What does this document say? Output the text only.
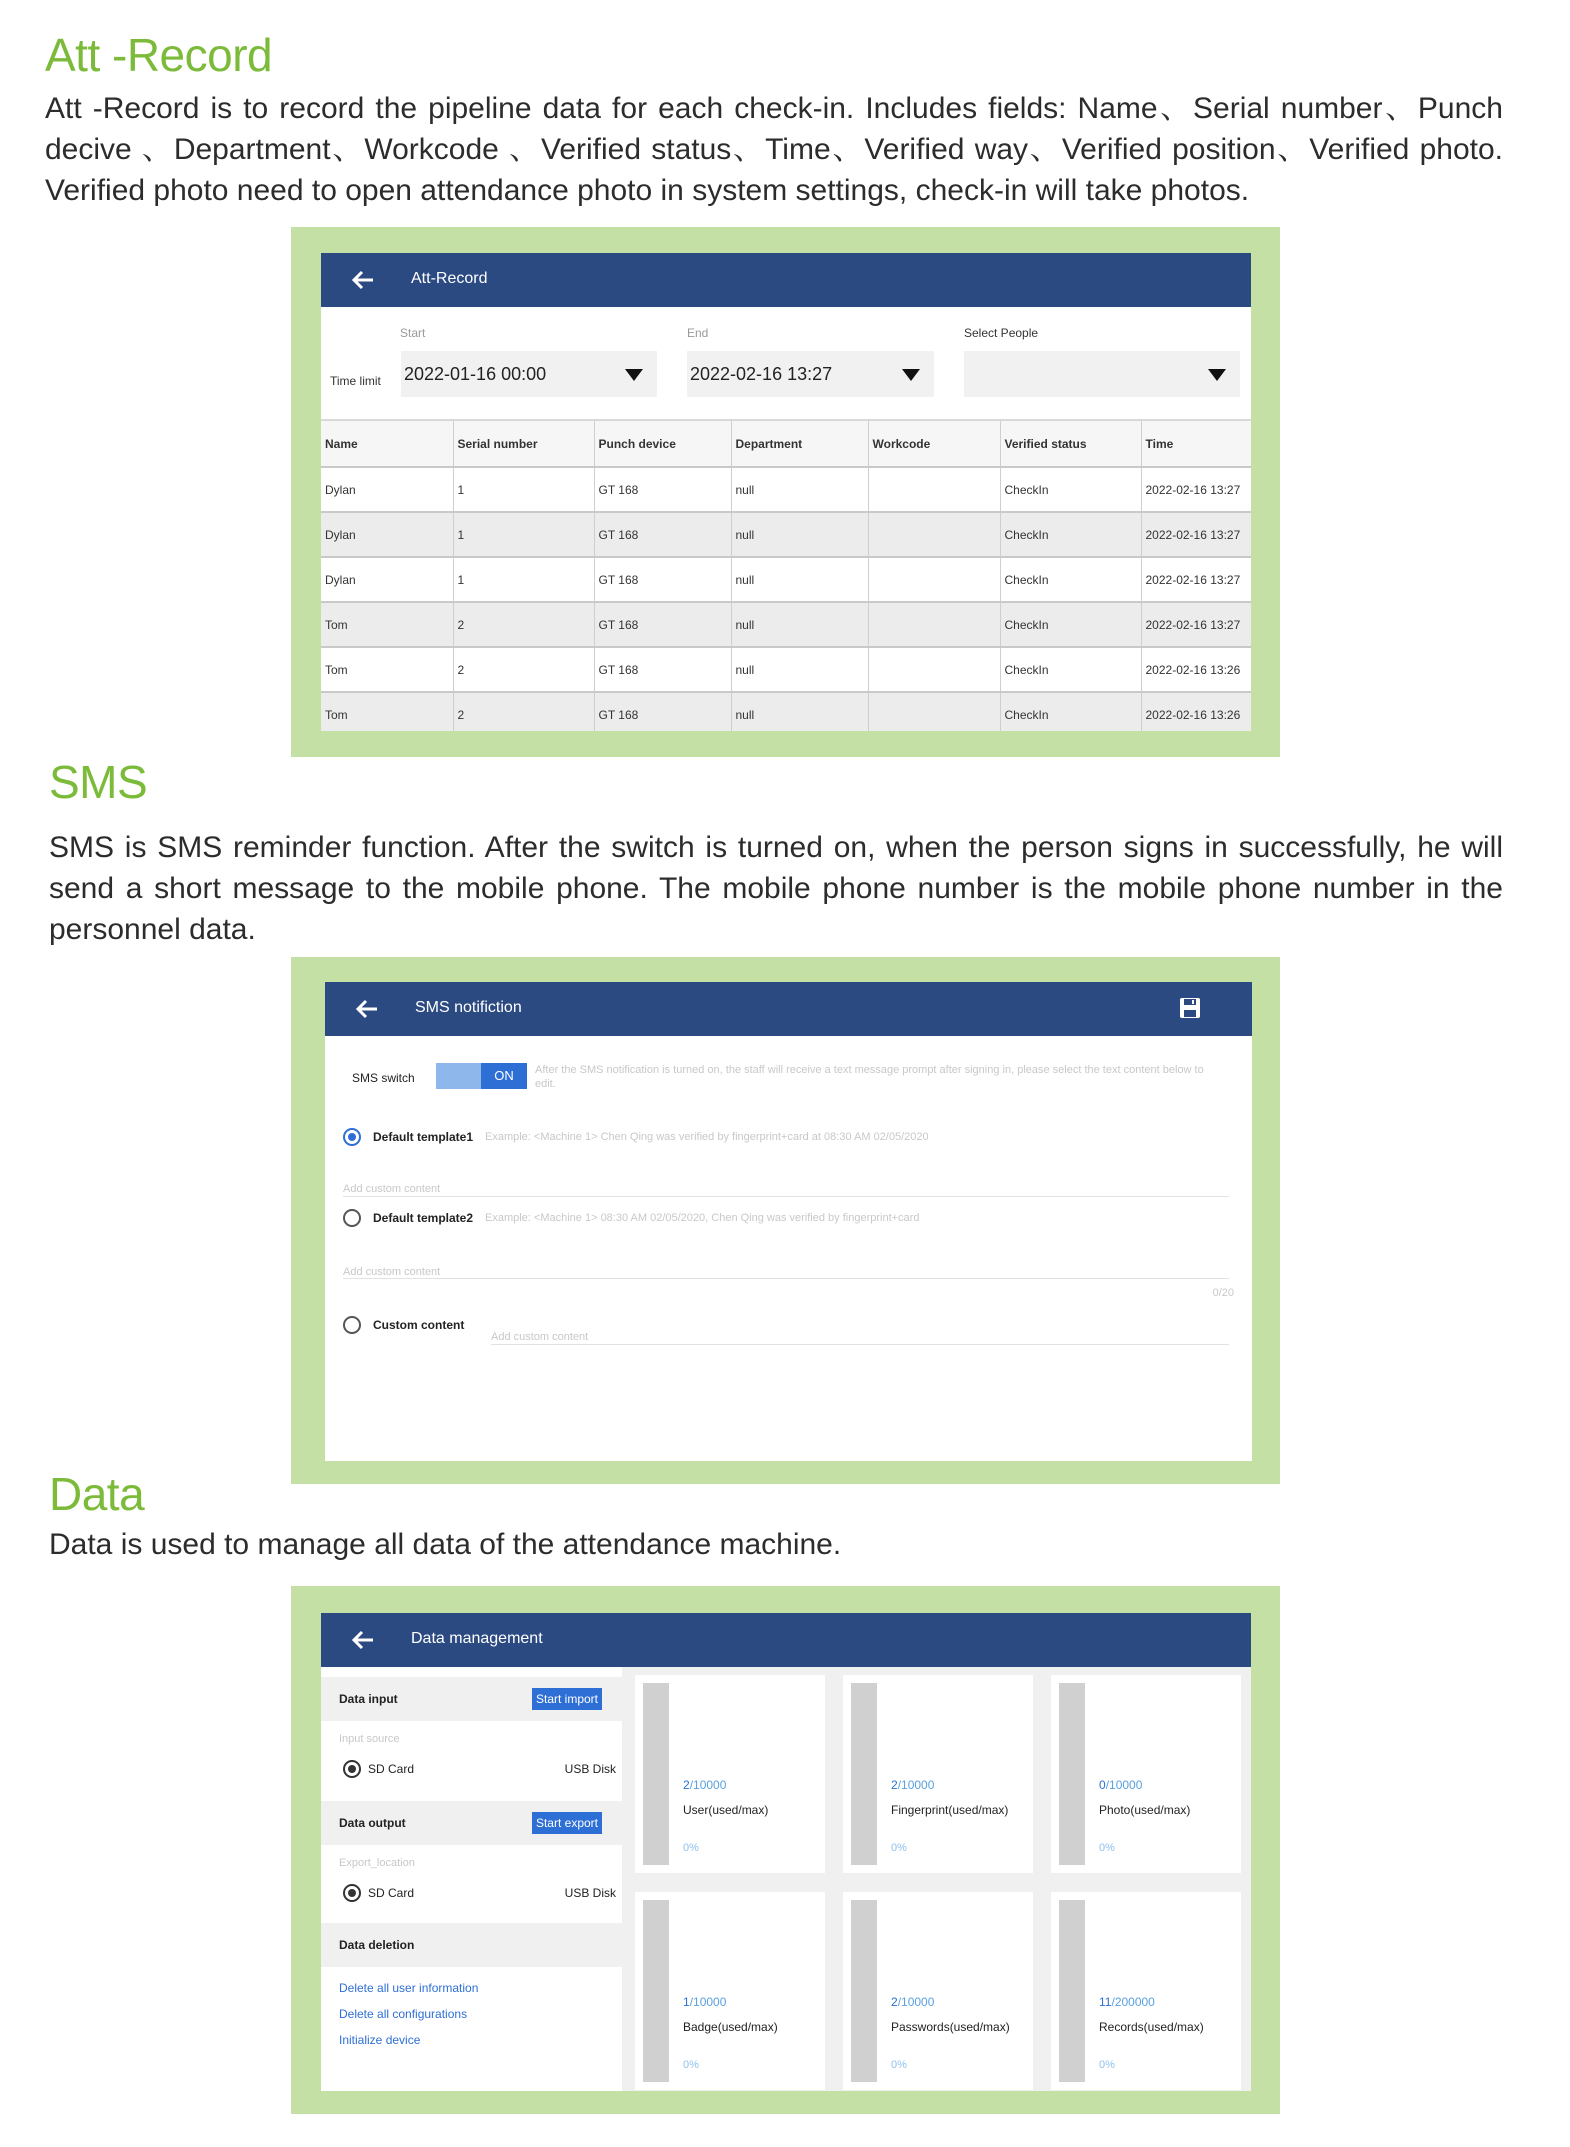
Att -Record

Att -Record is to record the pipeline data for each check-in. Includes fields: Name、Serial number、Punch decive 、Department、Workcode 、Verified status、Time、Verified way、Verified position、Verified photo. Verified photo need to open attendance photo in system settings, check-in will take photos.

Att-Record
Start	End	Select People
Time limit 2022-01-16 00:00	2022-02-16 13:27
Name	Serial number	Punch device	Department	Workcode	Verified status	Time
Dylan	1	GT 168	null		CheckIn	2022-02-16 13:27
Dylan	1	GT 168	null		CheckIn	2022-02-16 13:27
Dylan	1	GT 168	null		CheckIn	2022-02-16 13:27
Tom	2	GT 168	null		CheckIn	2022-02-16 13:27
Tom	2	GT 168	null		CheckIn	2022-02-16 13:26
Tom	2	GT 168	null		CheckIn	2022-02-16 13:26
SMS

SMS is SMS reminder function. After the switch is turned on, when the person signs in successfully, he will send a short message to the mobile phone. The mobile phone number is the mobile phone number in the personnel data.

SMS notifiction
SMS switch	ON	After the SMS notification is turned on, the staff will receive a text message prompt after signing in, please select the text content below to edit.
Default template1 Example: <Machine 1> Chen Qing was verified by fingerprint+card at 08:30 AM 02/05/2020
Add custom content
Default template2 Example: <Machine 1> 08:30 AM 02/05/2020, Chen Qing was verified by fingerprint+card
Add custom content
0/20
Custom content
Add custom content
Data

Data is used to manage all data of the attendance machine.

Data management
Data input	Start import
Input source
SD Card	USB Disk
Data output	Start export
Export_location
SD Card	USB Disk
Data deletion
Delete all user information
Delete all configurations
Initialize device
2/10000
User(used/max)
0%
2/10000
Fingerprint(used/max)
0%
0/10000
Photo(used/max)
0%
1/10000
Badge(used/max)
0%
2/10000
Passwords(used/max)
0%
11/200000
Records(used/max)
0%
